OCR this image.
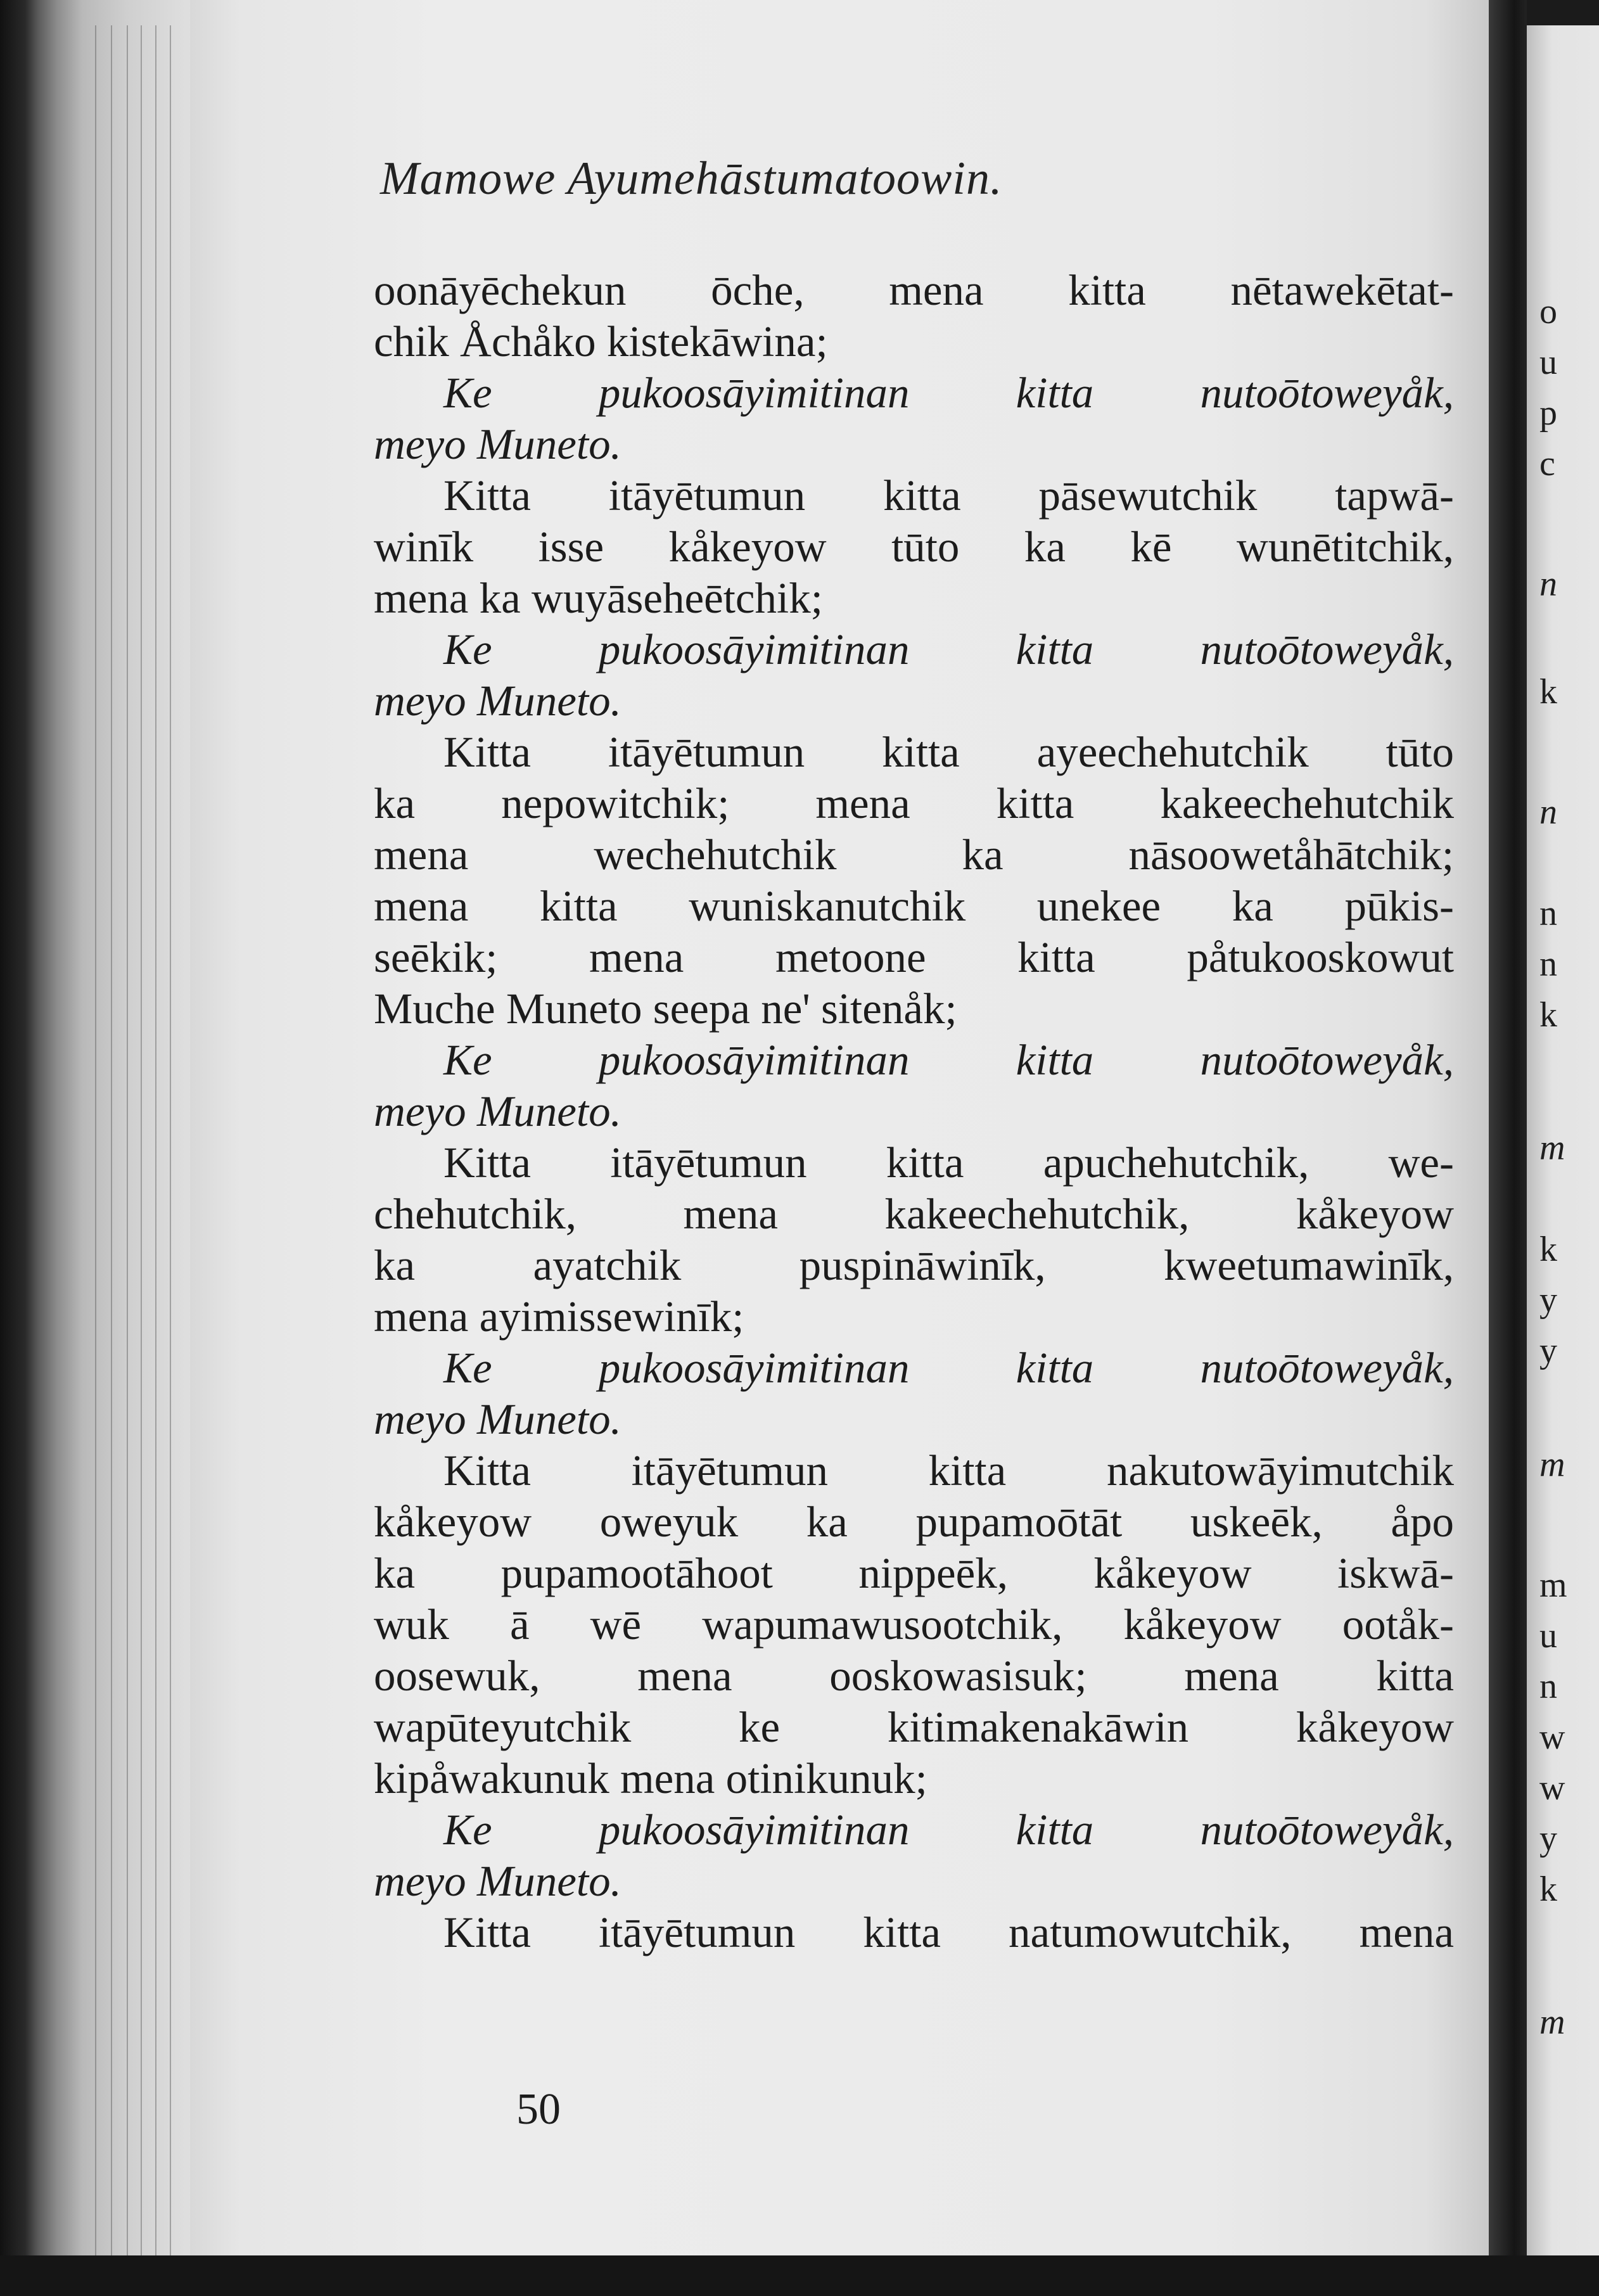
o
u
p
c
n
k
n
n
n
k
m
k
y
y
m
m
u
n
w
w
y
k
m
Mamowe Ayumehāstumatoowin.
oonāyēchekun ōche, mena kitta nētawekētat-
chik Åchåko kistekāwina;
Ke pukoosāyimitinan kitta nutoōtoweyåk,
meyo Muneto.
Kitta itāyētumun kitta pāsewutchik tapwā-
winīk isse kåkeyow tūto ka kē wunētitchik,
mena ka wuyāseheētchik;
Ke pukoosāyimitinan kitta nutoōtoweyåk,
meyo Muneto.
Kitta itāyētumun kitta ayeechehutchik tūto
ka nepowitchik; mena kitta kakeechehutchik
mena wechehutchik ka nāsoowetåhātchik;
mena kitta wuniskanutchik unekee ka pūkis-
seēkik; mena metoone kitta påtukooskowut
Muche Muneto seepa ne' sitenåk;
Ke pukoosāyimitinan kitta nutoōtoweyåk,
meyo Muneto.
Kitta itāyētumun kitta apuchehutchik, we-
chehutchik, mena kakeechehutchik, kåkeyow
ka ayatchik puspināwinīk, kweetumawinīk,
mena ayimissewinīk;
Ke pukoosāyimitinan kitta nutoōtoweyåk,
meyo Muneto.
Kitta itāyētumun kitta nakutowāyimutchik
kåkeyow oweyuk ka pupamoōtāt uskeēk, åpo
ka pupamootāhoot nippeēk, kåkeyow iskwā-
wuk ā wē wapumawusootchik, kåkeyow ootåk-
oosewuk, mena ooskowasisuk; mena kitta
wapūteyutchik ke kitimakenakāwin kåkeyow
kipåwakunuk mena otinikunuk;
Ke pukoosāyimitinan kitta nutoōtoweyåk,
meyo Muneto.
Kitta itāyētumun kitta natumowutchik, mena
50
